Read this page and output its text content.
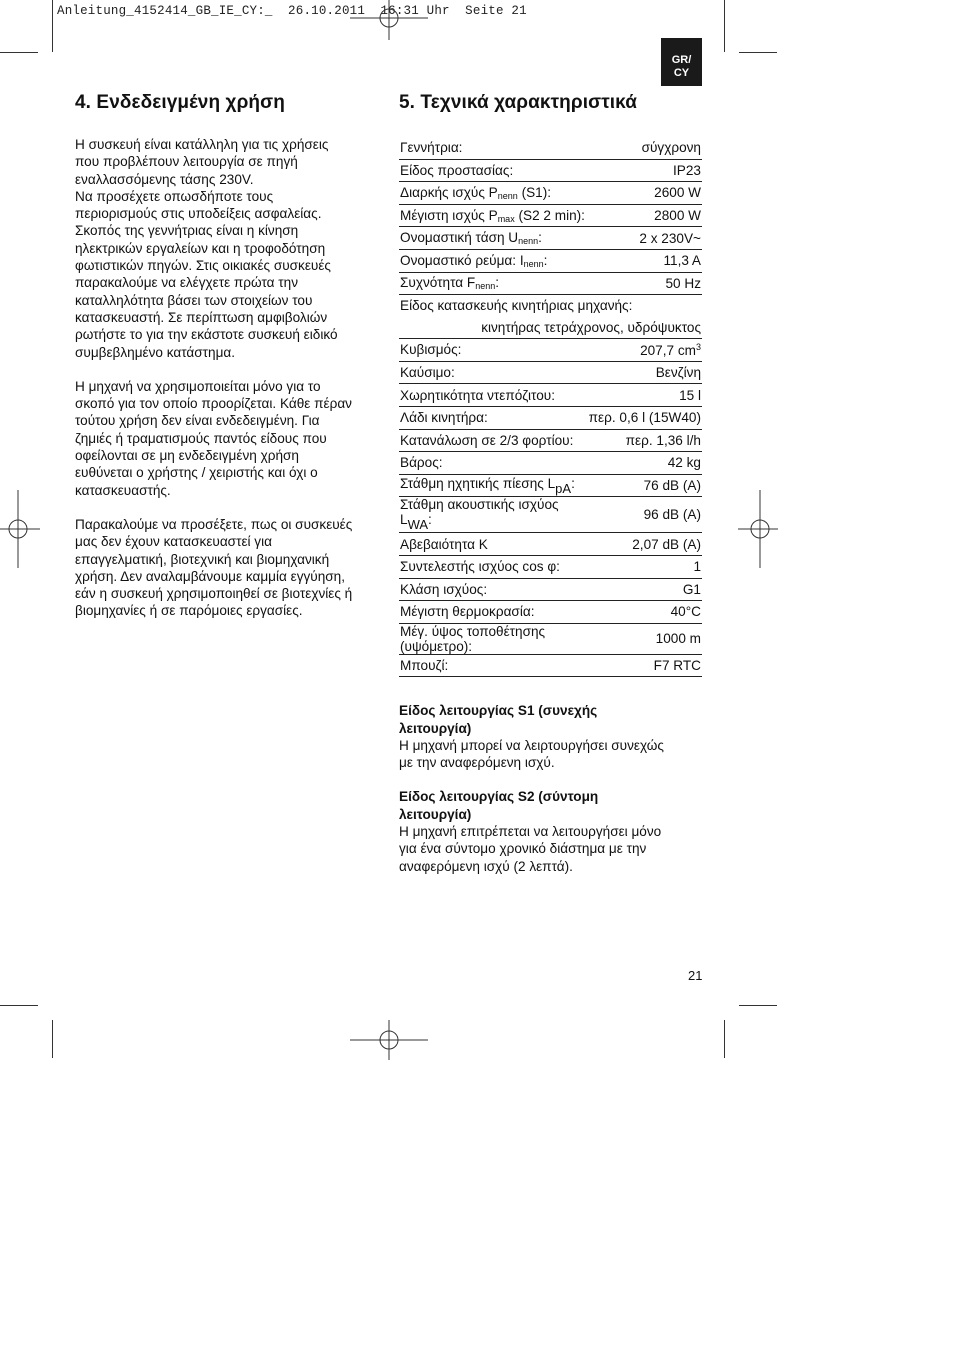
Anleitung_4152414_GB_IE_CY:_  26.10.2011  16:31 Uhr  Seite 21
GR/
CY
4. Ενδεδειγμένη χρήση

Η συσκευή είναι κατάλληλη για τις χρήσεις
που προβλέπουν λειτουργία σε πηγή
εναλλασσόμενης τάσης 230V.
Να προσέχετε οπωσδήποτε τους
περιορισμούς στις υποδείξεις ασφαλείας.
Σκοπός της γεννήτριας είναι η κίνηση
ηλεκτρικών εργαλείων και η τροφοδότηση
φωτιστικών πηγών. Στις οικιακές συσκευές
παρακαλούμε να ελέγχετε πρώτα την
καταλληλότητα βάσει των στοιχείων του
κατασκευαστή. Σε περίπτωση αμφιβολιών
ρωτήστε το για την εκάστοτε συσκευή ειδικό
συμβεβλημένο κατάστημα.

Η μηχανή να χρησιμοποιείται μόνο για το
σκοπό για τον οποίο προορίζεται. Κάθε πέραν
τούτου χρήση δεν είναι ενδεδειγμένη. Για
ζημιές ή τραματισμούς παντός είδους που
οφείλονται σε μη ενδεδειγμένη χρήση
ευθύνεται ο χρήστης / χειριστής και όχι ο
κατασκευαστής.

Παρακαλούμε να προσέξετε, πως οι συσκευές
μας δεν έχουν κατασκευαστεί για
επαγγελματική, βιοτεχνική και βιομηχανική
χρήση. Δεν αναλαμβάνουμε καμμία εγγύηση,
εάν η συσκευή χρησιμοποιηθεί σε βιοτεχνίες ή
βιομηχανίες ή σε παρόμοιες εργασίες.

5. Τεχνικά χαρακτηριστικά
Γεννήτρια:	σύγχρονη
Είδος προστασίας:	IP23
Διαρκής ισχύς $P_{nenn}$ (S1):	2600 W
Μέγιστη ισχύς $P_{max}$ (S2 2 min):	2800 W
Ονομαστική τάση $U_{nenn}$:	2 x 230V~
Ονομαστικό ρεύμα: $I_{nenn}$:	11,3 A
Συχνότητα $F_{nenn}$:	50 Hz
Είδος κατασκευής κινητήριας μηχανής:	
κινητήρας τετράχρονος, υδρόψυκτος	
Κυβισμός:	207,7 $cm^3$
Καύσιμο:	Βενζίνη
Χωρητικότητα ντεπόζιτου:	15 l
Λάδι κινητήρα:	περ. 0,6 l (15W40)
Κατανάλωση σε 2/3 φορτίου:	περ. 1,36 l/h
Βάρος:	42 kg
Στάθμη ηχητικής πίεσης $L_{pA}$:	76 dB (A)
Στάθμη ακουστικής ισχύος $L_{WA}$:	96 dB (A)
Αβεβαιότητα K	2,07 dB (A)
Συντελεστής ισχύος cos φ:	1
Κλάση ισχύος:	G1
Μέγιστη θερμοκρασία:	40°C
Μέγ. ύψος τοποθέτησης (υψόμετρο):	1000 m
Μπουζί:	F7 RTC

Είδος λειτουργίας S1 (συνεχής
λειτουργία)

Η μηχανή μπορεί να λειρτουργήσει συνεχώς
με την αναφερόμενη ισχύ.

Είδος λειτουργίας S2 (σύντομη
λειτουργία)

Η μηχανή επιτρέπεται να λειτουργήσει μόνο
για ένα σύντομο χρονικό διάστημα με την
αναφερόμενη ισχύ (2 λεπτά).

21
